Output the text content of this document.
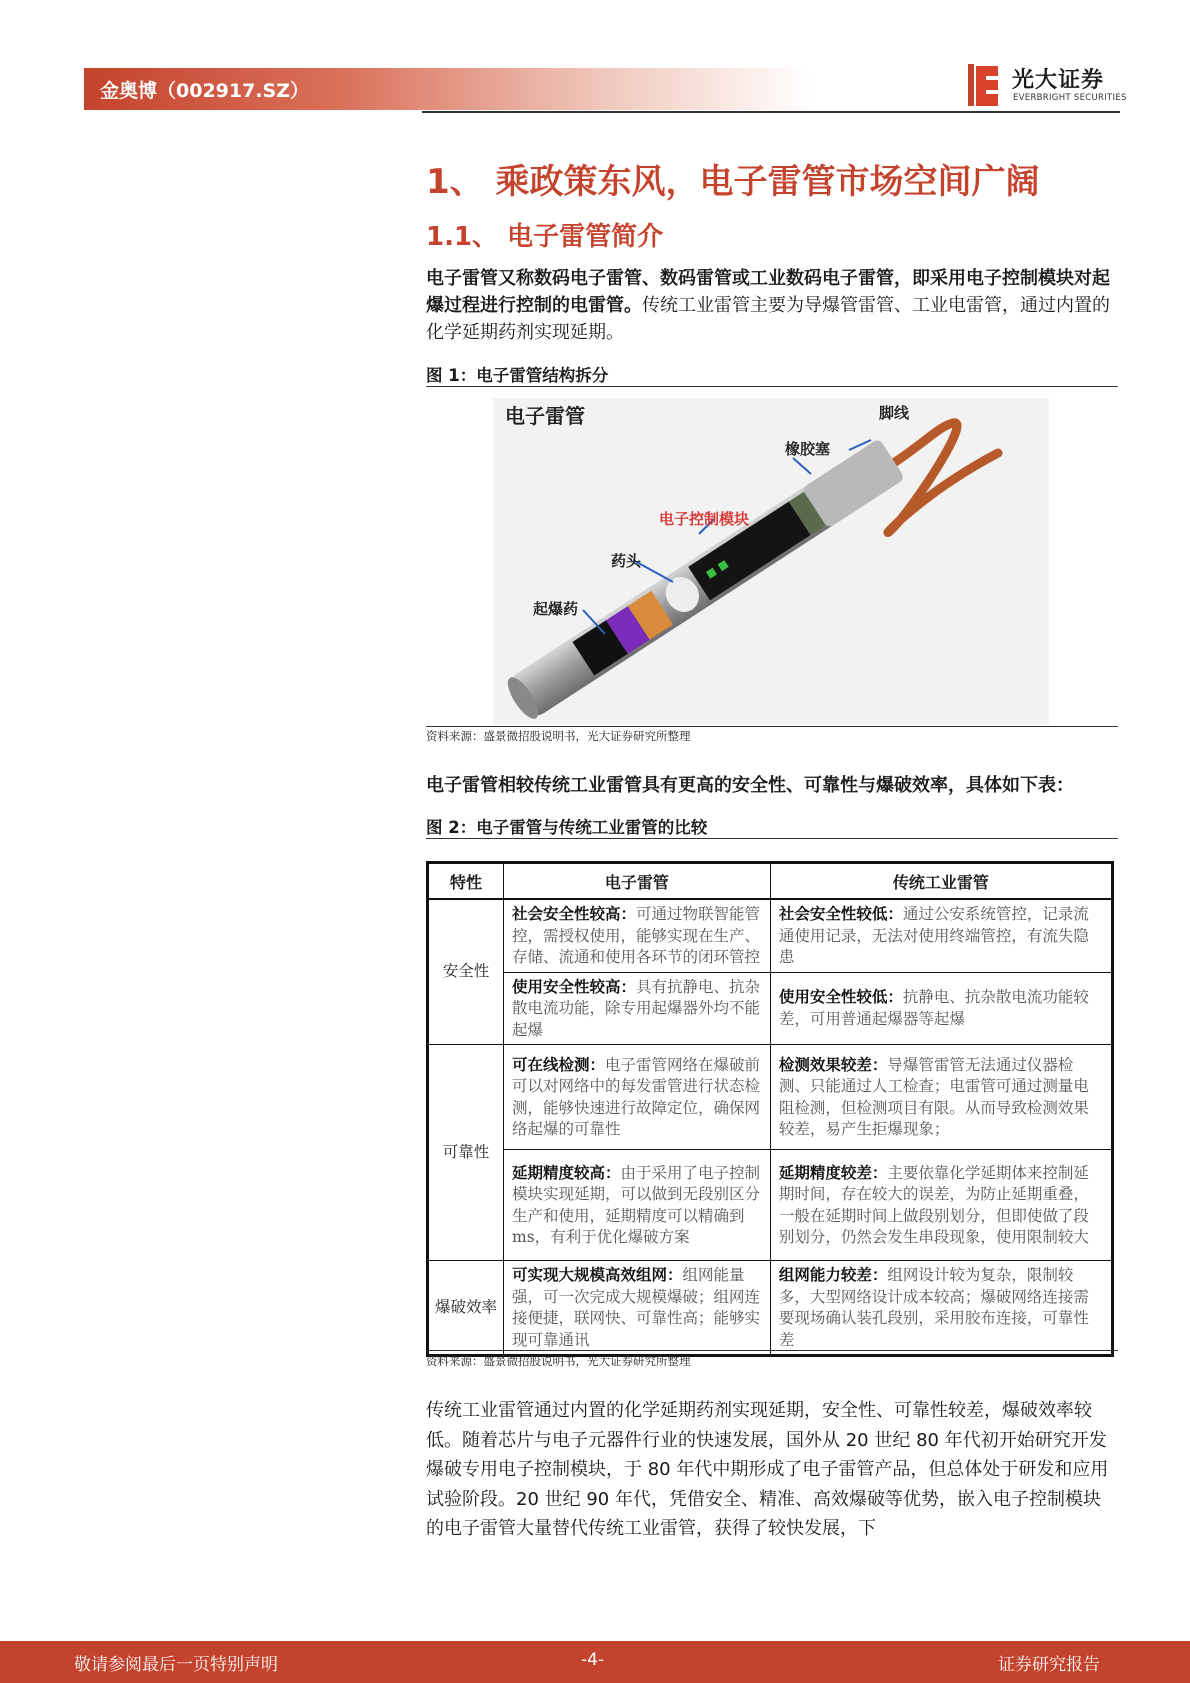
金奥博（002917.SZ）	光大证券
EVERBRIGHT SECURITIES
1、 乘政策东风，电子雷管市场空间广阔
1.1、 电子雷管简介
电子雷管又称数码电子雷管、数码雷管或工业数码电子雷管，即采用电子控制模块对起爆过程进行控制的电雷管。传统工业雷管主要为导爆管雷管、工业电雷管，通过内置的化学延期药剂实现延期。
图 1：电子雷管结构拆分
电子雷管	脚线
橡胶塞
电子控制模块
药头
起爆药
资料来源：盛景微招股说明书，光大证券研究所整理
电子雷管相较传统工业雷管具有更高的安全性、可靠性与爆破效率，具体如下表：
图 2：电子雷管与传统工业雷管的比较
特性	电子雷管	传统工业雷管
安全性	社会安全性较高：可通过物联智能管控，需授权使用，能够实现在生产、存储、流通和使用各环节的闭环管控	社会安全性较低：通过公安系统管控，记录流通使用记录，无法对使用终端管控，有流失隐患
	使用安全性较高：具有抗静电、抗杂散电流功能，除专用起爆器外均不能起爆	使用安全性较低：抗静电、抗杂散电流功能较差，可用普通起爆器等起爆
可靠性	可在线检测：电子雷管网络在爆破前可以对网络中的每发雷管进行状态检测，能够快速进行故障定位，确保网络起爆的可靠性	检测效果较差：导爆管雷管无法通过仪器检测、只能通过人工检查；电雷管可通过测量电阻检测，但检测项目有限。从而导致检测效果较差，易产生拒爆现象；
	延期精度较高：由于采用了电子控制模块实现延期，可以做到无段别区分生产和使用，延期精度可以精确到 ms，有利于优化爆破方案	延期精度较差：主要依靠化学延期体来控制延期时间，存在较大的误差，为防止延期重叠，一般在延期时间上做段别划分，但即使做了段别划分，仍然会发生串段现象，使用限制较大
爆破效率	可实现大规模高效组网：组网能量强，可一次完成大规模爆破；组网连接便捷，联网快、可靠性高；能够实现可靠通讯	组网能力较差：组网设计较为复杂，限制较多，大型网络设计成本较高；爆破网络连接需要现场确认装孔段别，采用胶布连接，可靠性差
资料来源：盛景微招股说明书，光大证券研究所整理
传统工业雷管通过内置的化学延期药剂实现延期，安全性、可靠性较差，爆破效率较低。随着芯片与电子元器件行业的快速发展，国外从 20 世纪 80 年代初开始研究开发爆破专用电子控制模块，于 80 年代中期形成了电子雷管产品，但总体处于研发和应用试验阶段。20 世纪 90 年代，凭借安全、精准、高效爆破等优势，嵌入电子控制模块的电子雷管大量替代传统工业雷管，获得了较快发展，下
敬请参阅最后一页特别声明	-4-	证券研究报告
